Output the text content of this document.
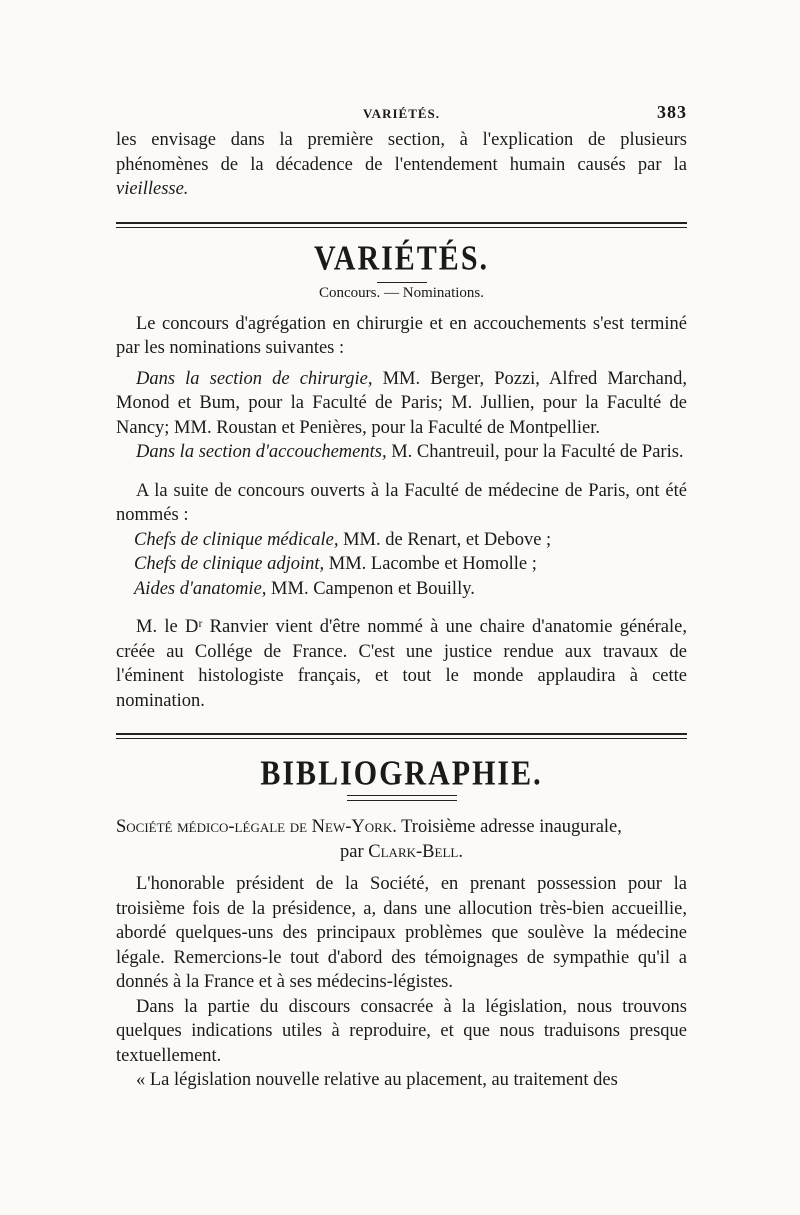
VARIÉTÉS.	383

les envisage dans la première section, à l'explication de plusieurs phénomènes de la décadence de l'entendement humain causés par la vieillesse.

VARIÉTÉS.
Concours. — Nominations.

Le concours d'agrégation en chirurgie et en accouchements s'est terminé par les nominations suivantes :

Dans la section de chirurgie, MM. Berger, Pozzi, Alfred Marchand, Monod et Bum, pour la Faculté de Paris; M. Jullien, pour la Faculté de Nancy; MM. Roustan et Penières, pour la Faculté de Montpellier.

Dans la section d'accouchements, M. Chantreuil, pour la Faculté de Paris.

A la suite de concours ouverts à la Faculté de médecine de Paris, ont été nommés :

Chefs de clinique médicale, MM. de Renart, et Debove ;

Chefs de clinique adjoint, MM. Lacombe et Homolle ;

Aides d'anatomie, MM. Campenon et Bouilly.

M. le Dʳ Ranvier vient d'être nommé à une chaire d'anatomie générale, créée au Collége de France. C'est une justice rendue aux travaux de l'éminent histologiste français, et tout le monde applaudira à cette nomination.

BIBLIOGRAPHIE.

Société médico-légale de New-York. Troisième adresse inaugurale,

par Clark-Bell.

L'honorable président de la Société, en prenant possession pour la troisième fois de la présidence, a, dans une allocution très-bien accueillie, abordé quelques-uns des principaux problèmes que soulève la médecine légale. Remercions-le tout d'abord des témoignages de sympathie qu'il a donnés à la France et à ses médecins-légistes.

Dans la partie du discours consacrée à la législation, nous trouvons quelques indications utiles à reproduire, et que nous traduisons presque textuellement.

« La législation nouvelle relative au placement, au traitement des
